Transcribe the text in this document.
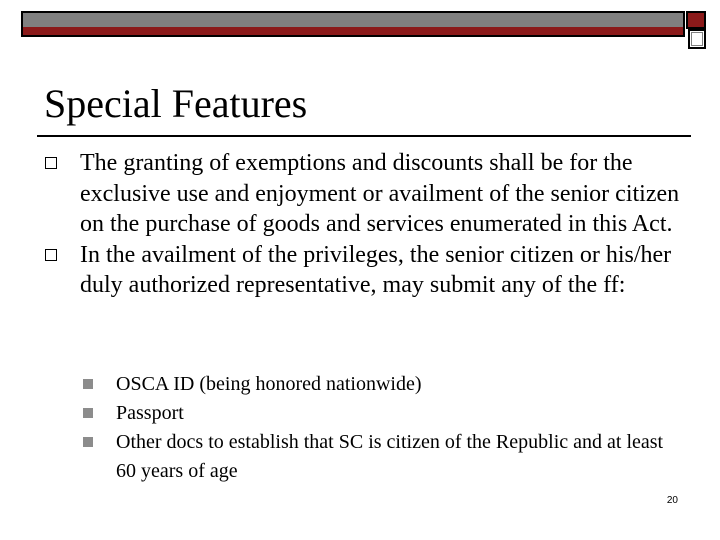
Special Features
The granting of exemptions and discounts shall be for the exclusive use and enjoyment or availment of the senior citizen on the purchase of goods and services enumerated in this Act.
In the availment of the privileges, the senior citizen or his/her duly authorized representative, may submit any of the ff:
OSCA ID (being honored nationwide)
Passport
Other docs to establish that SC is citizen of the Republic and at least 60 years of age
20
